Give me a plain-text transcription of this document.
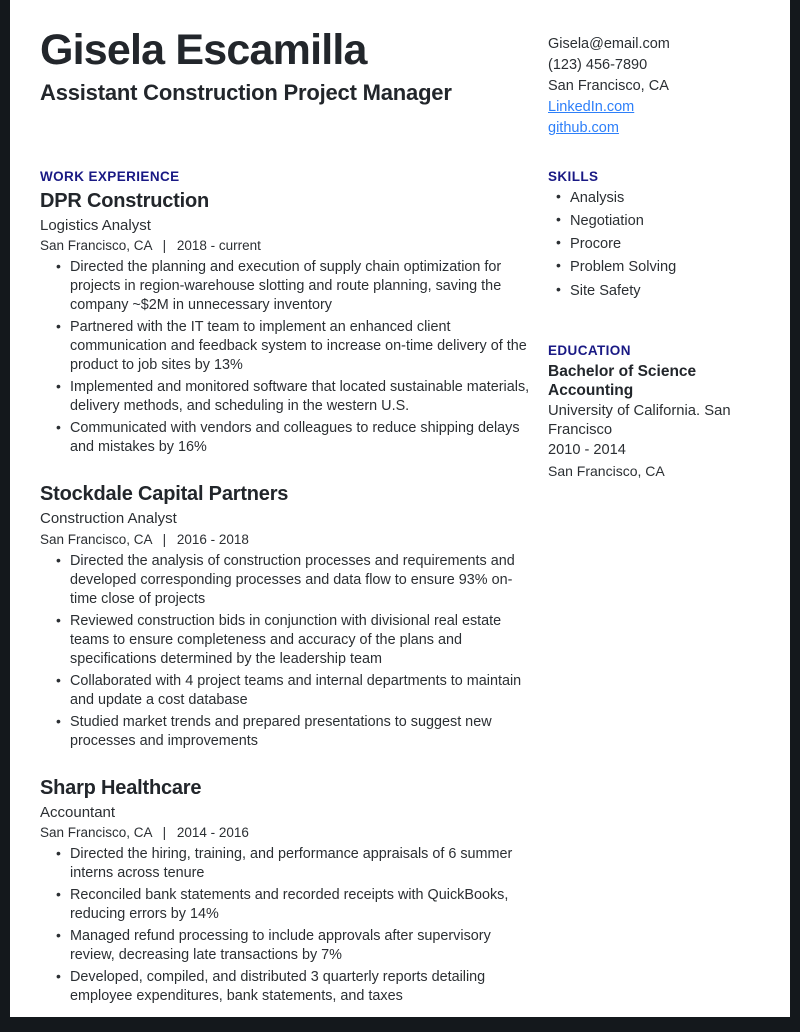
Gisela Escamilla
Assistant Construction Project Manager
Gisela@email.com
(123) 456-7890
San Francisco, CA
LinkedIn.com
github.com
WORK EXPERIENCE
DPR Construction
Logistics Analyst
San Francisco, CA | 2018 - current
• Directed the planning and execution of supply chain optimization for projects in region-warehouse slotting and route planning, saving the company ~$2M in unnecessary inventory
• Partnered with the IT team to implement an enhanced client communication and feedback system to increase on-time delivery of the product to job sites by 13%
• Implemented and monitored software that located sustainable materials, delivery methods, and scheduling in the western U.S.
• Communicated with vendors and colleagues to reduce shipping delays and mistakes by 16%
Stockdale Capital Partners
Construction Analyst
San Francisco, CA | 2016 - 2018
• Directed the analysis of construction processes and requirements and developed corresponding processes and data flow to ensure 93% on-time close of projects
• Reviewed construction bids in conjunction with divisional real estate teams to ensure completeness and accuracy of the plans and specifications determined by the leadership team
• Collaborated with 4 project teams and internal departments to maintain and update a cost database
• Studied market trends and prepared presentations to suggest new processes and improvements
Sharp Healthcare
Accountant
San Francisco, CA | 2014 - 2016
• Directed the hiring, training, and performance appraisals of 6 summer interns across tenure
• Reconciled bank statements and recorded receipts with QuickBooks, reducing errors by 14%
• Managed refund processing to include approvals after supervisory review, decreasing late transactions by 7%
• Developed, compiled, and distributed 3 quarterly reports detailing employee expenditures, bank statements, and taxes
SKILLS
• Analysis
• Negotiation
• Procore
• Problem Solving
• Site Safety
EDUCATION
Bachelor of Science
Accounting
University of California. San Francisco
2010 - 2014
San Francisco, CA
